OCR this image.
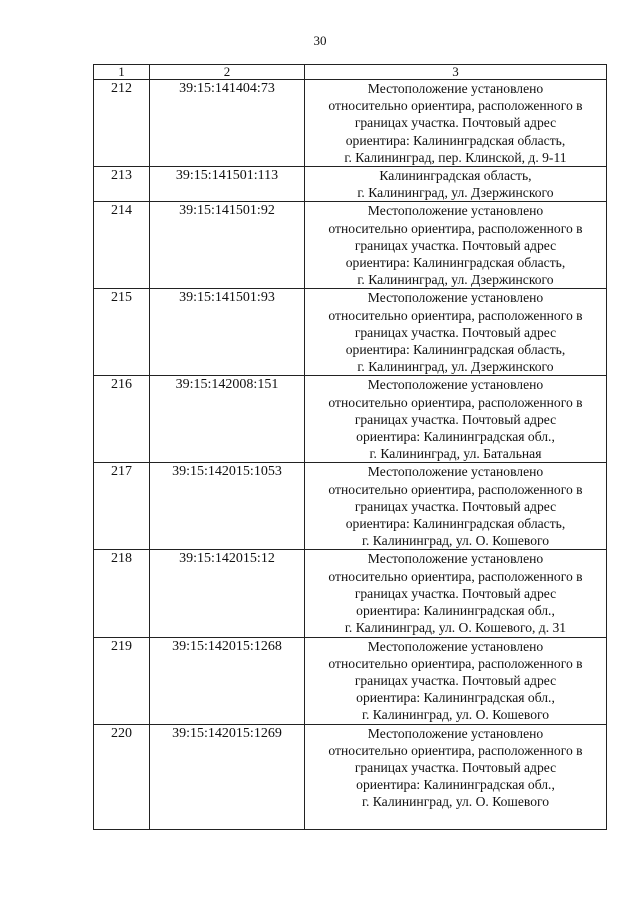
30
1	2	3
212	39:15:141404:73	Местоположение установлено
относительно ориентира, расположенного в
границах участка. Почтовый адрес
ориентира: Калининградская область,
г. Калининград, пер. Клинской, д. 9-11

213	39:15:141501:113	Калининградская область,
г. Калининград, ул. Дзержинского

214	39:15:141501:92	Местоположение установлено
относительно ориентира, расположенного в
границах участка. Почтовый адрес
ориентира: Калининградская область,
г. Калининград, ул. Дзержинского

215	39:15:141501:93	Местоположение установлено
относительно ориентира, расположенного в
границах участка. Почтовый адрес
ориентира: Калининградская область,
г. Калининград, ул. Дзержинского

216	39:15:142008:151	Местоположение установлено
относительно ориентира, расположенного в
границах участка. Почтовый адрес
ориентира: Калининградская обл.,
г. Калининград, ул. Батальная

217	39:15:142015:1053	Местоположение установлено
относительно ориентира, расположенного в
границах участка. Почтовый адрес
ориентира: Калининградская область,
г. Калининград, ул. О. Кошевого

218	39:15:142015:12	Местоположение установлено
относительно ориентира, расположенного в
границах участка. Почтовый адрес
ориентира: Калининградская обл.,
г. Калининград, ул. О. Кошевого, д. 31

219	39:15:142015:1268	Местоположение установлено
относительно ориентира, расположенного в
границах участка. Почтовый адрес
ориентира: Калининградская обл.,
г. Калининград, ул. О. Кошевого

220	39:15:142015:1269	Местоположение установлено
относительно ориентира, расположенного в
границах участка. Почтовый адрес
ориентира: Калининградская обл.,
г. Калининград, ул. О. Кошевого
